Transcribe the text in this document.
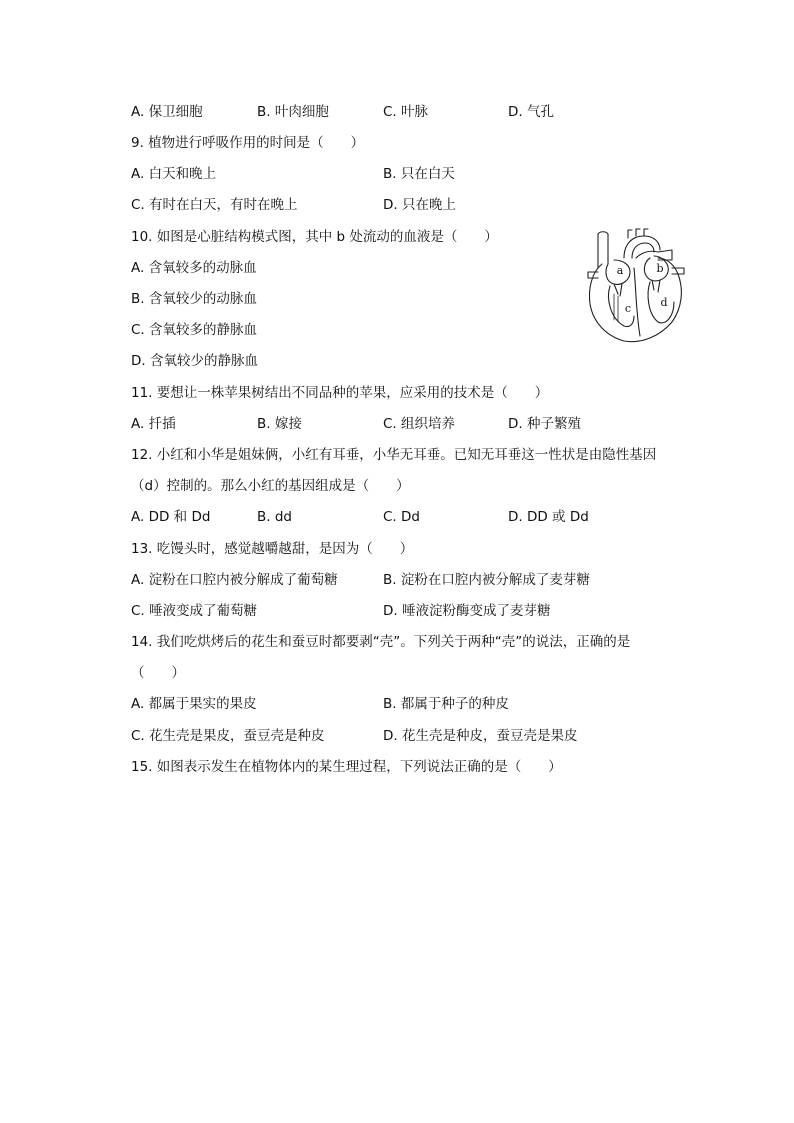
A. 保卫细胞	B. 叶肉细胞	C. 叶脉	D. 气孔
9. 植物进行呼吸作用的时间是（　　）
A. 白天和晚上	B. 只在白天
C. 有时在白天，有时在晚上	D. 只在晚上
10. 如图是心脏结构模式图，其中 b 处流动的血液是（　　）
A. 含氧较多的动脉血
B. 含氧较少的动脉血
C. 含氧较多的静脉血
D. 含氧较少的静脉血
a	b
c	d
11. 要想让一株苹果树结出不同品种的苹果，应采用的技术是（　　）
A. 扦插	B. 嫁接	C. 组织培养	D. 种子繁殖
12. 小红和小华是姐妹俩，小红有耳垂，小华无耳垂。已知无耳垂这一性状是由隐性基因
（d）控制的。那么小红的基因组成是（　　）
A. DD 和 Dd	B. dd	C. Dd	D. DD 或 Dd
13. 吃馒头时，感觉越嚼越甜，是因为（　　）
A. 淀粉在口腔内被分解成了葡萄糖	B. 淀粉在口腔内被分解成了麦芽糖
C. 唾液变成了葡萄糖	D. 唾液淀粉酶变成了麦芽糖
14. 我们吃烘烤后的花生和蚕豆时都要剥“壳”。下列关于两种“壳”的说法，正确的是
（　　）
A. 都属于果实的果皮	B. 都属于种子的种皮
C. 花生壳是果皮，蚕豆壳是种皮	D. 花生壳是种皮，蚕豆壳是果皮
15. 如图表示发生在植物体内的某生理过程，下列说法正确的是（　　）
